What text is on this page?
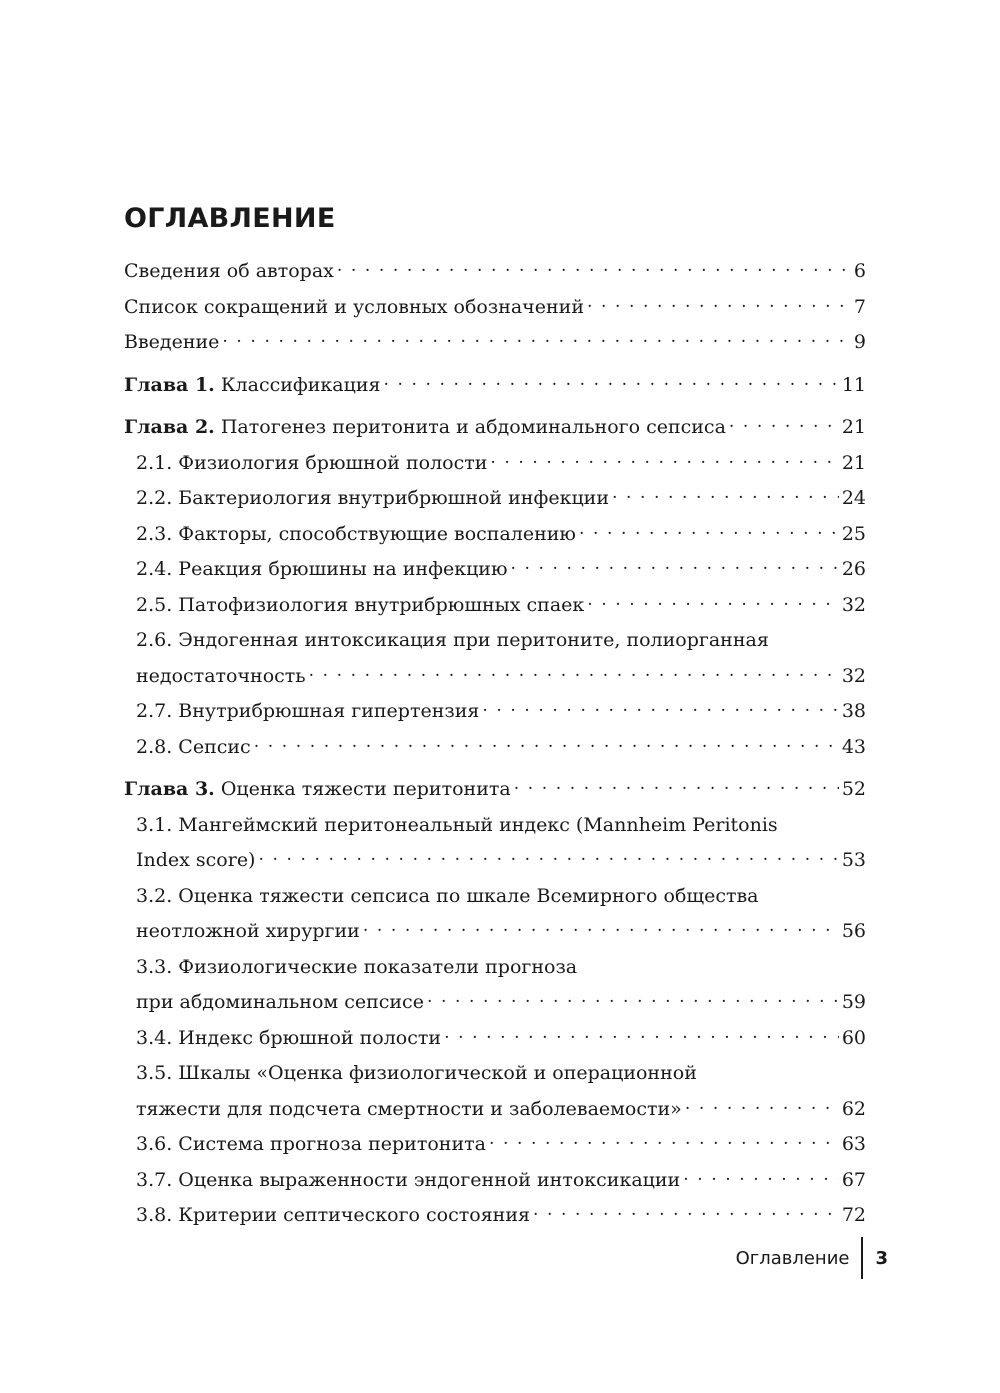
ОГЛАВЛЕНИЕ
Сведения об авторах . . .	6
Список сокращений и условных обозначений . . .	7
Введение . . .	9
Глава 1. Классификация . . .	11
Глава 2. Патогенез перитонита и абдоминального сепсиса . . .	21
2.1. Физиология брюшной полости . . .	21
2.2. Бактериология внутрибрюшной инфекции . . .	24
2.3. Факторы, способствующие воспалению . . .	25
2.4. Реакция брюшины на инфекцию . . .	26
2.5. Патофизиология внутрибрюшных спаек . . .	32
2.6. Эндогенная интоксикация при перитоните, полиорганная
недостаточность . . .	32
2.7. Внутрибрюшная гипертензия . . .	38
2.8. Сепсис . . .	43
Глава 3. Оценка тяжести перитонита . . .	52
3.1. Мангеймский перитонеальный индекс (Mannheim Peritonis
Index score) . . .	53
3.2. Оценка тяжести сепсиса по шкале Всемирного общества
неотложной хирургии . . .	56
3.3. Физиологические показатели прогноза
при абдоминальном сепсисе . . .	59
3.4. Индекс брюшной полости . . .	60
3.5. Шкалы «Оценка физиологической и операционной
тяжести для подсчета смертности и заболеваемости» . . .	62
3.6. Система прогноза перитонита . . .	63
3.7. Оценка выраженности эндогенной интоксикации . . .	67
3.8. Критерии септического состояния . . .	72
Оглавление	3
